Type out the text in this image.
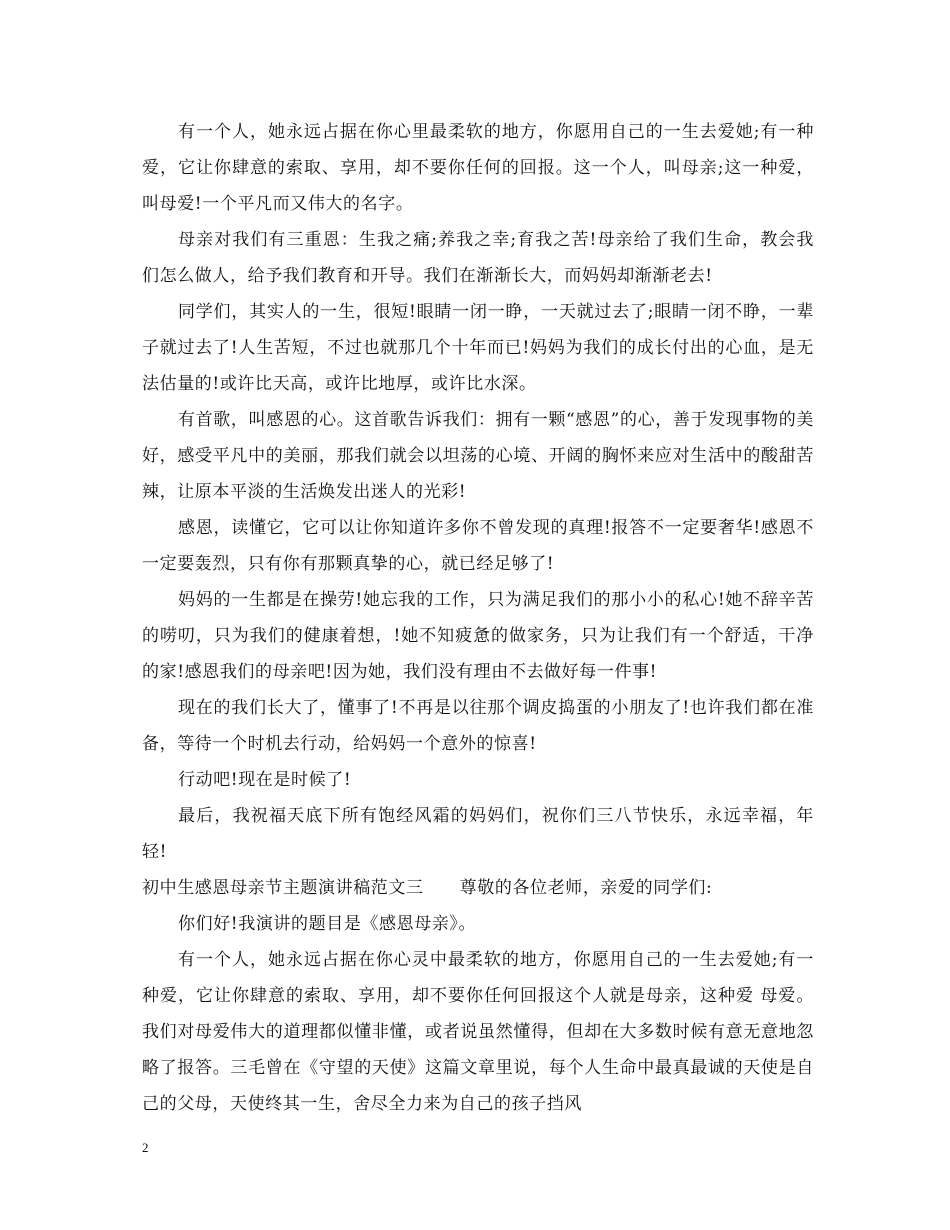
有一个人，她永远占据在你心里最柔软的地方，你愿用自己的一生去爱她;有一种爱，它让你肆意的索取、享用，却不要你任何的回报。这一个人，叫母亲;这一种爱，叫母爱!一个平凡而又伟大的名字。

母亲对我们有三重恩：生我之痛;养我之幸;育我之苦!母亲给了我们生命，教会我们怎么做人，给予我们教育和开导。我们在渐渐长大，而妈妈却渐渐老去!

同学们，其实人的一生，很短!眼睛一闭一睁，一天就过去了;眼睛一闭不睁，一辈子就过去了!人生苦短，不过也就那几个十年而已!妈妈为我们的成长付出的心血，是无法估量的!或许比天高，或许比地厚，或许比水深。

有首歌，叫感恩的心。这首歌告诉我们：拥有一颗“感恩”的心，善于发现事物的美好，感受平凡中的美丽，那我们就会以坦荡的心境、开阔的胸怀来应对生活中的酸甜苦辣，让原本平淡的生活焕发出迷人的光彩!

感恩，读懂它，它可以让你知道许多你不曾发现的真理!报答不一定要奢华!感恩不一定要轰烈，只有你有那颗真挚的心，就已经足够了!

妈妈的一生都是在操劳!她忘我的工作，只为满足我们的那小小的私心!她不辞辛苦的唠叨，只为我们的健康着想，!她不知疲惫的做家务，只为让我们有一个舒适，干净的家!感恩我们的母亲吧!因为她，我们没有理由不去做好每一件事!

现在的我们长大了，懂事了!不再是以往那个调皮捣蛋的小朋友了!也许我们都在准备，等待一个时机去行动，给妈妈一个意外的惊喜!

行动吧!现在是时候了!

最后，我祝福天底下所有饱经风霜的妈妈们，祝你们三八节快乐，永远幸福，年轻!

初中生感恩母亲节主题演讲稿范文三      尊敬的各位老师，亲爱的同学们:

你们好!我演讲的题目是《感恩母亲》。

有一个人，她永远占据在你心灵中最柔软的地方，你愿用自己的一生去爱她;有一种爱，它让你肆意的索取、享用，却不要你任何回报这个人就是母亲，这种爱 母爱。我们对母爱伟大的道理都似懂非懂，或者说虽然懂得，但却在大多数时候有意无意地忽略了报答。三毛曾在《守望的天使》这篇文章里说，每个人生命中最真最诚的天使是自己的父母，天使终其一生，舍尽全力来为自己的孩子挡风

2
